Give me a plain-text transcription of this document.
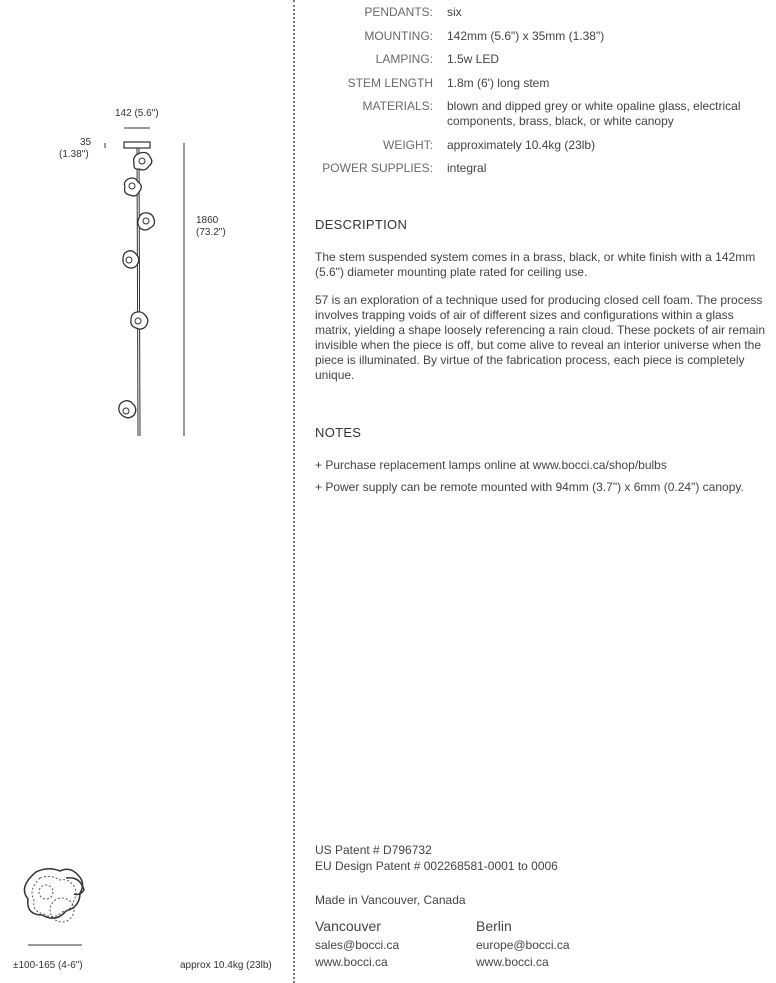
142 (5.6")
35
(1.38")
1860
(73.2")
±100-165 (4-6")	approx 10.4kg (23lb)
PENDANTS:	six
MOUNTING:	142mm (5.6") x 35mm (1.38")
LAMPING:	1.5w LED
STEM LENGTH	1.8m (6') long stem
MATERIALS:	blown and dipped grey or white opaline glass, electrical components, brass, black, or white canopy
WEIGHT:	approximately 10.4kg (23lb)
POWER SUPPLIES:	integral
DESCRIPTION
The stem suspended system comes in a brass, black, or white finish with a 142mm (5.6") diameter mounting plate rated for ceiling use.
57 is an exploration of a technique used for producing closed cell foam. The process involves trapping voids of air of different sizes and configurations within a glass matrix, yielding a shape loosely referencing a rain cloud. These pockets of air remain invisible when the piece is off, but come alive to reveal an interior universe when the piece is illuminated. By virtue of the fabrication process, each piece is completely unique.
NOTES
+ Purchase replacement lamps online at www.bocci.ca/shop/bulbs
+ Power supply can be remote mounted with 94mm (3.7") x 6mm (0.24") canopy.
US Patent # D796732
EU Design Patent # 002268581-0001 to 0006
Made in Vancouver, Canada
Vancouver
sales@bocci.ca
www.bocci.ca
Berlin
europe@bocci.ca
www.bocci.ca
